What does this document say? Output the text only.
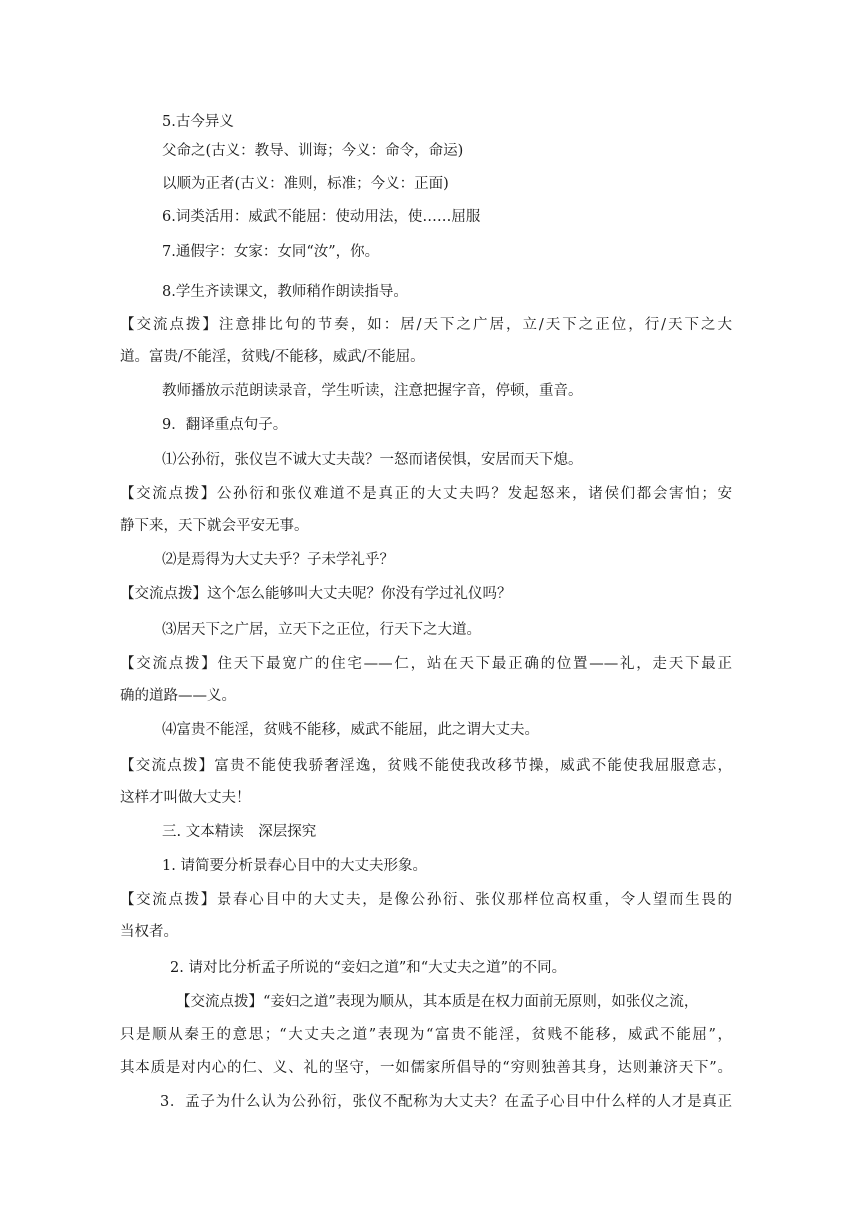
5.古今异义
父命之(古义：教导、训诲；今义：命令，命运)
以顺为正者(古义：准则，标准；今义：正面)
6.词类活用：威武不能屈：使动用法，使……屈服
7.通假字：女家：女同“汝”，你。
8.学生齐读课文，教师稍作朗读指导。
【交流点拨】注意排比句的节奏，如：居/天下之广居，立/天下之正位，行/天下之大
道。富贵/不能淫，贫贱/不能移，威武/不能屈。
教师播放示范朗读录音，学生听读，注意把握字音，停顿，重音。
9．翻译重点句子。
⑴公孙衍，张仪岂不诚大丈夫哉？一怒而诸侯惧，安居而天下熄。
【交流点拨】公孙衍和张仪难道不是真正的大丈夫吗？发起怒来，诸侯们都会害怕；安
静下来，天下就会平安无事。
⑵是焉得为大丈夫乎？子未学礼乎？
【交流点拨】这个怎么能够叫大丈夫呢？你没有学过礼仪吗？
⑶居天下之广居，立天下之正位，行天下之大道。
【交流点拨】住天下最宽广的住宅——仁，站在天下最正确的位置——礼，走天下最正
确的道路——义。
⑷富贵不能淫，贫贱不能移，威武不能屈，此之谓大丈夫。
【交流点拨】富贵不能使我骄奢淫逸，贫贱不能使我改移节操，威武不能使我屈服意志，
这样才叫做大丈夫！
三. 文本精读　深层探究
1. 请简要分析景春心目中的大丈夫形象。
【交流点拨】景春心目中的大丈夫，是像公孙衍、张仪那样位高权重，令人望而生畏的
当权者。
2. 请对比分析孟子所说的“妾妇之道”和“大丈夫之道”的不同。
【交流点拨】“妾妇之道”表现为顺从，其本质是在权力面前无原则，如张仪之流，
只是顺从秦王的意思；“大丈夫之道”表现为“富贵不能淫，贫贱不能移，威武不能屈”，
其本质是对内心的仁、义、礼的坚守，一如儒家所倡导的“穷则独善其身，达则兼济天下”。
3．孟子为什么认为公孙衍，张仪不配称为大丈夫？在孟子心目中什么样的人才是真正
